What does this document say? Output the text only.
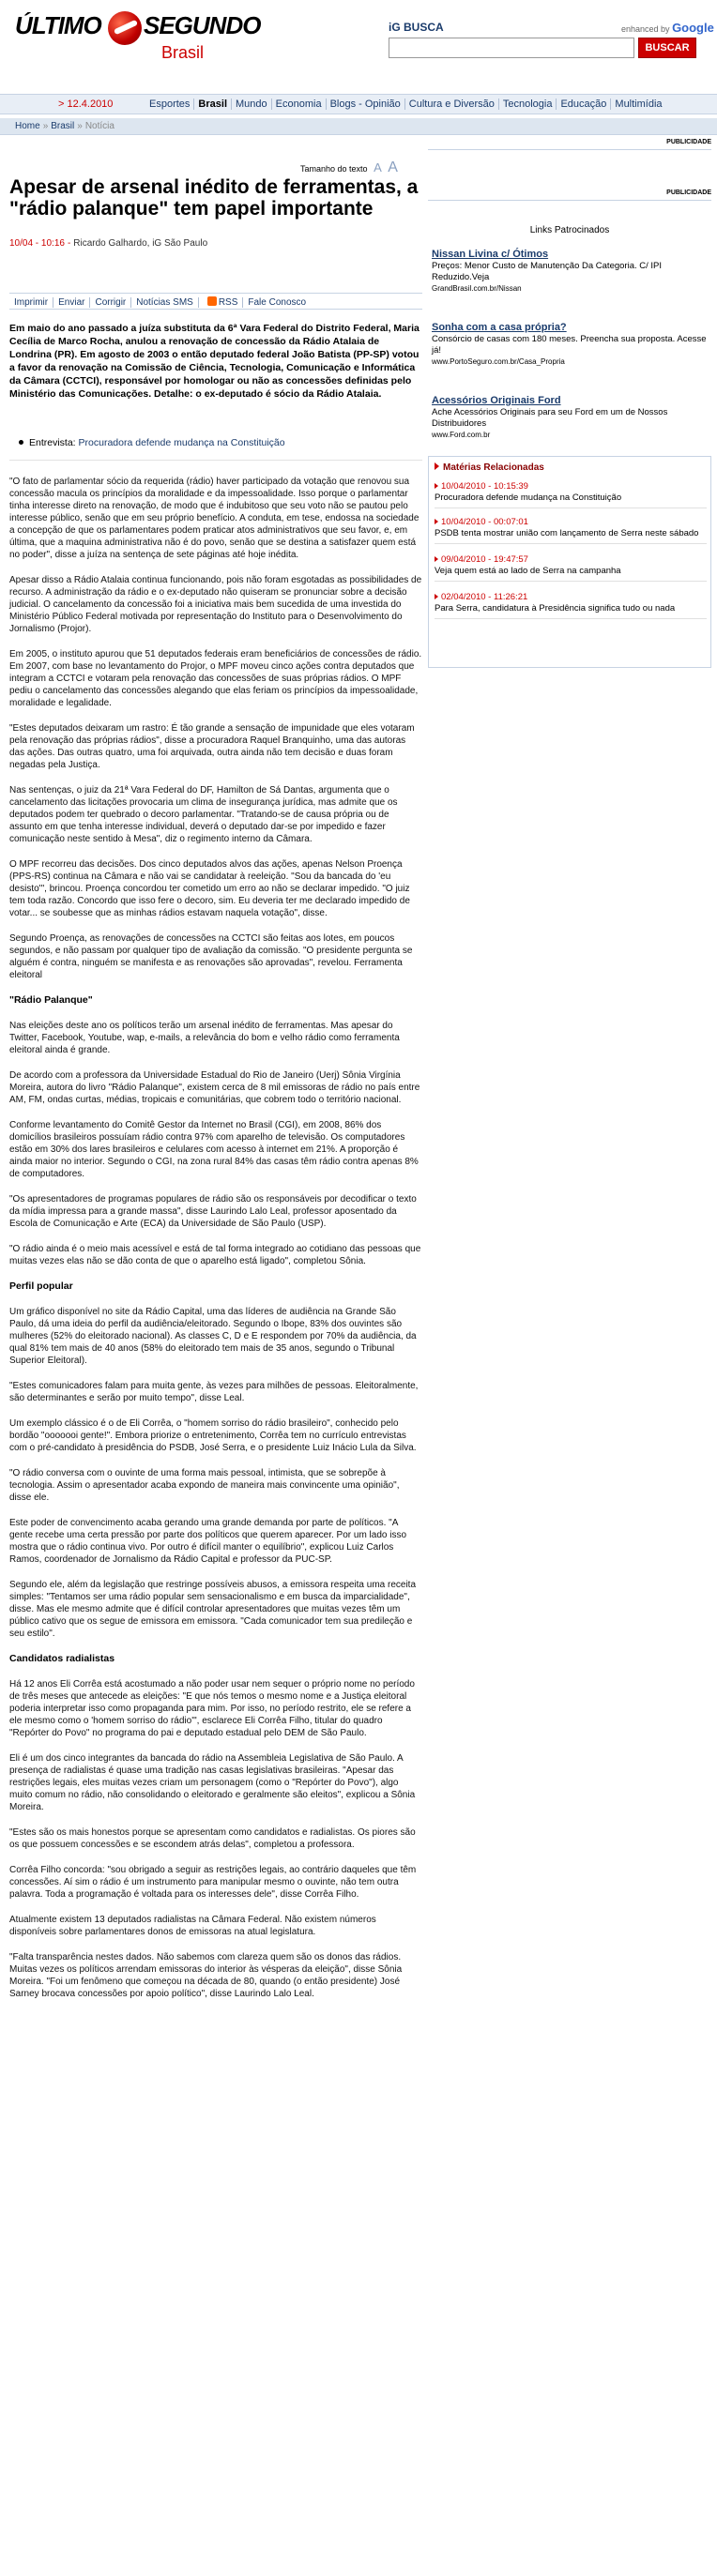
ÚLTIMO SEGUNDO
Brasil
iG BUSCA	enhanced by Google
BUSCAR
> 12.4.2010	Esportes Brasil Mundo Economia Blogs - Opinião Cultura e Diversão Tecnologia Educação Multimídia
Home » Brasil » Notícia
Tamanho do texto A A
Apesar de arsenal inédito de ferramentas, a "rádio palanque" tem papel importante
10/04 - 10:16 - Ricardo Galhardo, iG São Paulo
Imprimir Enviar Corrigir Notícias SMS	RSS Fale Conosco

Em maio do ano passado a juíza substituta da 6ª Vara Federal do Distrito Federal, Maria Cecília de Marco Rocha, anulou a renovação de concessão da Rádio Atalaia de Londrina (PR). Em agosto de 2003 o então deputado federal João Batista (PP-SP) votou a favor da renovação na Comissão de Ciência, Tecnologia, Comunicação e Informática da Câmara (CCTCI), responsável por homologar ou não as concessões definidas pelo Ministério das Comunicações. Detalhe: o ex-deputado é sócio da Rádio Atalaia.

Entrevista: Procuradora defende mudança na Constituição

"O fato de parlamentar sócio da requerida (rádio) haver participado da votação que renovou sua concessão macula os princípios da moralidade e da impessoalidade. Isso porque o parlamentar tinha interesse direto na renovação, de modo que é indubitoso que seu voto não se pautou pelo interesse público, senão que em seu próprio benefício. A conduta, em tese, endossa na sociedade a concepção de que os parlamentares podem praticar atos administrativos que seu favor, e, em última, que a maquina administrativa não é do povo, senão que se destina a satisfazer quem está no poder", disse a juíza na sentença de sete páginas até hoje inédita.

Apesar disso a Rádio Atalaia continua funcionando, pois não foram esgotadas as possibilidades de recurso. A administração da rádio e o ex-deputado não quiseram se pronunciar sobre a decisão judicial. O cancelamento da concessão foi a iniciativa mais bem sucedida de uma investida do Ministério Público Federal motivada por representação do Instituto para o Desenvolvimento do Jornalismo (Projor).

Em 2005, o instituto apurou que 51 deputados federais eram beneficiários de concessões de rádio. Em 2007, com base no levantamento do Projor, o MPF moveu cinco ações contra deputados que integram a CCTCI e votaram pela renovação das concessões de suas próprias rádios. O MPF pediu o cancelamento das concessões alegando que elas feriam os princípios da impessoalidade, moralidade e legalidade.

"Estes deputados deixaram um rastro: É tão grande a sensação de impunidade que eles votaram pela renovação das próprias rádios", disse a procuradora Raquel Branquinho, uma das autoras das ações. Das outras quatro, uma foi arquivada, outra ainda não tem decisão e duas foram negadas pela Justiça.

Nas sentenças, o juiz da 21ª Vara Federal do DF, Hamilton de Sá Dantas, argumenta que o cancelamento das licitações provocaria um clima de insegurança jurídica, mas admite que os deputados podem ter quebrado o decoro parlamentar. "Tratando-se de causa própria ou de assunto em que tenha interesse individual, deverá o deputado dar-se por impedido e fazer comunicação neste sentido à Mesa", diz o regimento interno da Câmara.

O MPF recorreu das decisões. Dos cinco deputados alvos das ações, apenas Nelson Proença (PPS-RS) continua na Câmara e não vai se candidatar à reeleição. "Sou da bancada do 'eu desisto'", brincou. Proença concordou ter cometido um erro ao não se declarar impedido. "O juiz tem toda razão. Concordo que isso fere o decoro, sim. Eu deveria ter me declarado impedido de votar... se soubesse que as minhas rádios estavam naquela votação", disse.

Segundo Proença, as renovações de concessões na CCTCI são feitas aos lotes, em poucos segundos, e não passam por qualquer tipo de avaliação da comissão. "O presidente pergunta se alguém é contra, ninguém se manifesta e as renovações são aprovadas", revelou. Ferramenta eleitoral

"Rádio Palanque"

Nas eleições deste ano os políticos terão um arsenal inédito de ferramentas. Mas apesar do Twitter, Facebook, Youtube, wap, e-mails, a relevância do bom e velho rádio como ferramenta eleitoral ainda é grande.

De acordo com a professora da Universidade Estadual do Rio de Janeiro (Uerj) Sônia Virgínia Moreira, autora do livro "Rádio Palanque", existem cerca de 8 mil emissoras de rádio no país entre AM, FM, ondas curtas, médias, tropicais e comunitárias, que cobrem todo o território nacional.

Conforme levantamento do Comitê Gestor da Internet no Brasil (CGI), em 2008, 86% dos domicílios brasileiros possuíam rádio contra 97% com aparelho de televisão. Os computadores estão em 30% dos lares brasileiros e celulares com acesso à internet em 21%. A proporção é ainda maior no interior. Segundo o CGI, na zona rural 84% das casas têm rádio contra apenas 8% de computadores.

"Os apresentadores de programas populares de rádio são os responsáveis por decodificar o texto da mídia impressa para a grande massa", disse Laurindo Lalo Leal, professor aposentado da Escola de Comunicação e Arte (ECA) da Universidade de São Paulo (USP).

"O rádio ainda é o meio mais acessível e está de tal forma integrado ao cotidiano das pessoas que muitas vezes elas não se dão conta de que o aparelho está ligado", completou Sônia.

Perfil popular

Um gráfico disponível no site da Rádio Capital, uma das líderes de audiência na Grande São Paulo, dá uma ideia do perfil da audiência/eleitorado. Segundo o Ibope, 83% dos ouvintes são mulheres (52% do eleitorado nacional). As classes C, D e E respondem por 70% da audiência, da qual 81% tem mais de 40 anos (58% do eleitorado tem mais de 35 anos, segundo o Tribunal Superior Eleitoral).

"Estes comunicadores falam para muita gente, às vezes para milhões de pessoas. Eleitoralmente, são determinantes e serão por muito tempo", disse Leal.

Um exemplo clássico é o de Eli Corrêa, o "homem sorriso do rádio brasileiro", conhecido pelo bordão "ooooooi gente!". Embora priorize o entretenimento, Corrêa tem no currículo entrevistas com o pré-candidato à presidência do PSDB, José Serra, e o presidente Luiz Inácio Lula da Silva.

"O rádio conversa com o ouvinte de uma forma mais pessoal, intimista, que se sobrepõe à tecnologia. Assim o apresentador acaba expondo de maneira mais convincente uma opinião", disse ele.

Este poder de convencimento acaba gerando uma grande demanda por parte de políticos. "A gente recebe uma certa pressão por parte dos políticos que querem aparecer. Por um lado isso mostra que o rádio continua vivo. Por outro é difícil manter o equilíbrio", explicou Luiz Carlos Ramos, coordenador de Jornalismo da Rádio Capital e professor da PUC-SP.

Segundo ele, além da legislação que restringe possíveis abusos, a emissora respeita uma receita simples: "Tentamos ser uma rádio popular sem sensacionalismo e em busca da imparcialidade", disse. Mas ele mesmo admite que é difícil controlar apresentadores que muitas vezes têm um público cativo que os segue de emissora em emissora. "Cada comunicador tem sua predileção e seu estilo".

Candidatos radialistas

Há 12 anos Eli Corrêa está acostumado a não poder usar nem sequer o próprio nome no período de três meses que antecede as eleições: "E que nós temos o mesmo nome e a Justiça eleitoral poderia interpretar isso como propaganda para mim. Por isso, no período restrito, ele se refere a ele mesmo como o 'homem sorriso do rádio'", esclarece Eli Corrêa Filho, titular do quadro "Repórter do Povo" no programa do pai e deputado estadual pelo DEM de São Paulo.

Eli é um dos cinco integrantes da bancada do rádio na Assembleia Legislativa de São Paulo. A presença de radialistas é quase uma tradição nas casas legislativas brasileiras. "Apesar das restrições legais, eles muitas vezes criam um personagem (como o "Repórter do Povo"), algo muito comum no rádio, não consolidando o eleitorado e geralmente são eleitos", explicou a Sônia Moreira.

"Estes são os mais honestos porque se apresentam como candidatos e radialistas. Os piores são os que possuem concessões e se escondem atrás delas", completou a professora.

Corrêa Filho concorda: "sou obrigado a seguir as restrições legais, ao contrário daqueles que têm concessões. Aí sim o rádio é um instrumento para manipular mesmo o ouvinte, não tem outra palavra. Toda a programação é voltada para os interesses dele", disse Corrêa Filho.

Atualmente existem 13 deputados radialistas na Câmara Federal. Não existem números disponíveis sobre parlamentares donos de emissoras na atual legislatura.

"Falta transparência nestes dados. Não sabemos com clareza quem são os donos das rádios. Muitas vezes os políticos arrendam emissoras do interior às vésperas da eleição", disse Sônia Moreira. "Foi um fenômeno que começou na década de 80, quando (o então presidente) José Sarney brocava concessões por apoio político", disse Laurindo Lalo Leal.

PUBLICIDADE
PUBLICIDADE
Links Patrocinados
Nissan Livina c/ Ótimos
Preços: Menor Custo de Manutenção Da Categoria. C/ IPI Reduzido.Veja
GrandBrasil.com.br/Nissan
Sonha com a casa própria?
Consórcio de casas com 180 meses. Preencha sua proposta. Acesse já!
www.PortoSeguro.com.br/Casa_Propria
Acessórios Originais Ford
Ache Acessórios Originais para seu Ford em um de Nossos Distribuidores
www.Ford.com.br
Matérias Relacionadas
10/04/2010 - 10:15:39
Procuradora defende mudança na Constituição
10/04/2010 - 00:07:01
PSDB tenta mostrar união com lançamento de Serra neste sábado
09/04/2010 - 19:47:57
Veja quem está ao lado de Serra na campanha
02/04/2010 - 11:26:21
Para Serra, candidatura à Presidência significa tudo ou nada
